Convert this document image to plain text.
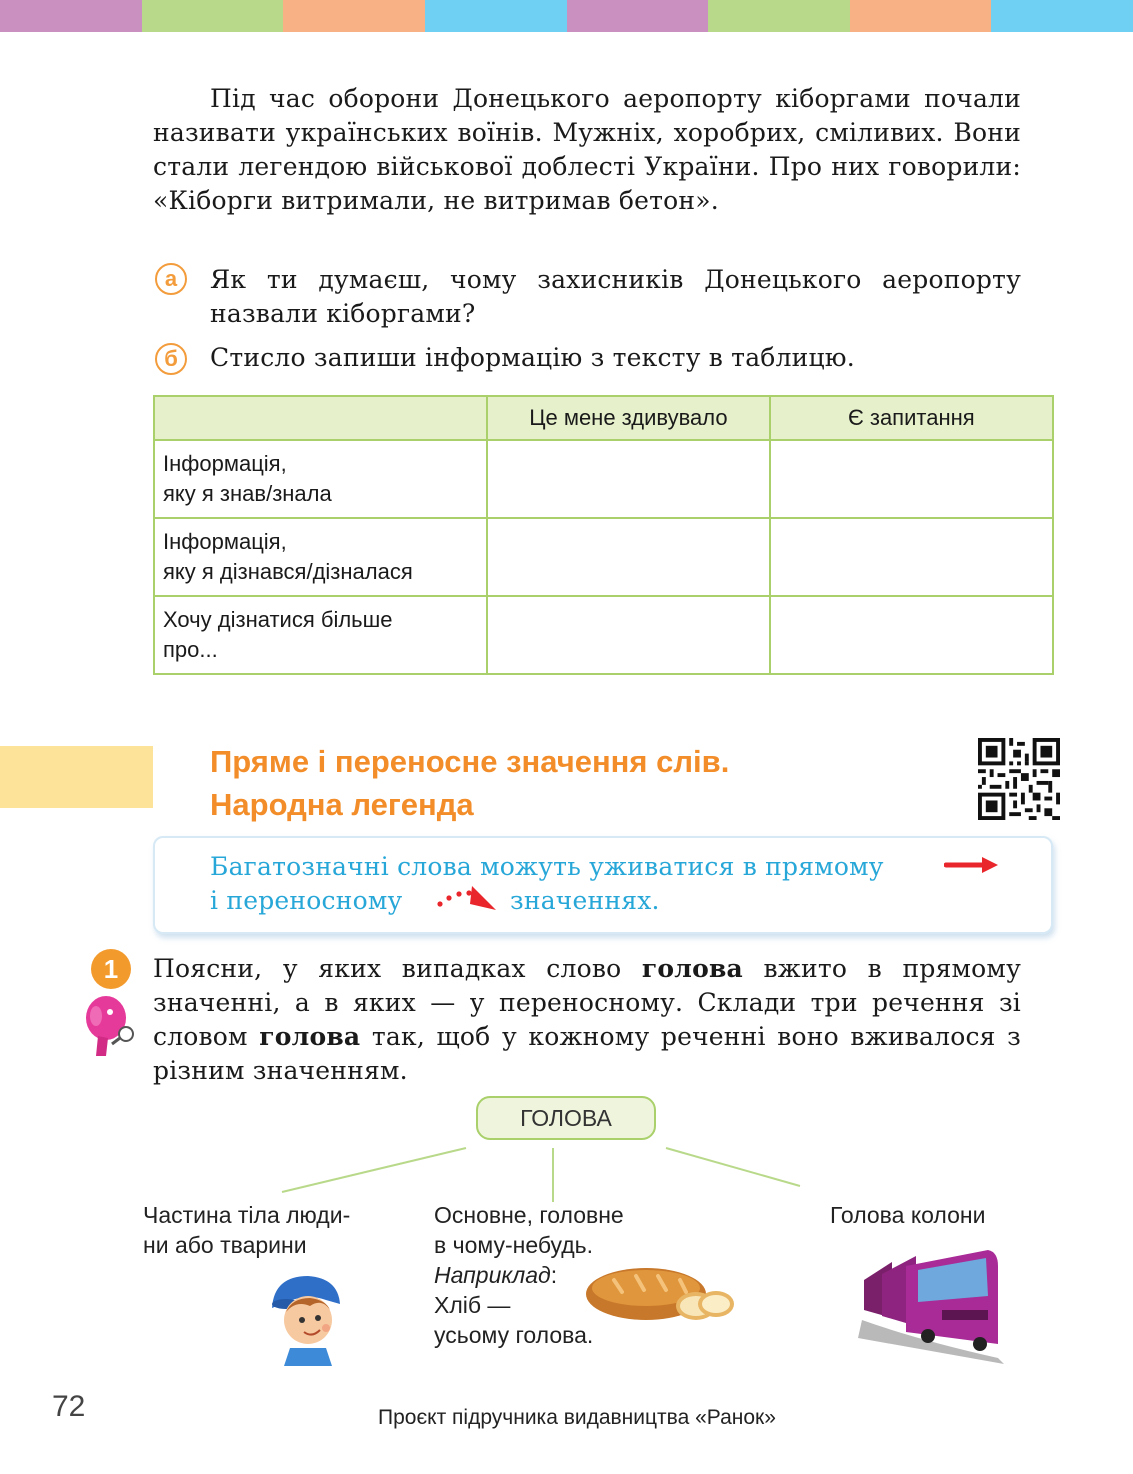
Під час оборони Донецького аеропорту кіборгами почали називати українських воїнів. Мужніх, хоробрих, сміливих. Вони стали легендою військової доблесті України. Про них говорили: «Кіборги витримали, не витримав бетон».

а	Як ти думаєш, чому захисників Донецького аеропорту назвали кіборгами?
б	Стисло запиши інформацію з тексту в таблицю.
	Це мене здивувало	Є запитання
Інформація,
яку я знав/знала		
Інформація,
яку я дізнався/дізналася		
Хочу дізнатися більше
про...		
Пряме і переносне значення слів.
Народна легенда
Багатозначні слова можуть уживатися в прямому
і переносному	значеннях.
1	Поясни, у яких випадках слово голова вжито в прямому значенні, а в яких — у переносному. Склади три речення зі словом голова так, щоб у кожному реченні воно вживалося з різним значенням.

ГОЛОВА
Частина тіла люди-
ни або тварини
Основне, головне
в чому-небудь.
Наприклад:
Хліб —
усьому голова.
Голова колони
72	Проєкт підручника видавництва «Ранок»
